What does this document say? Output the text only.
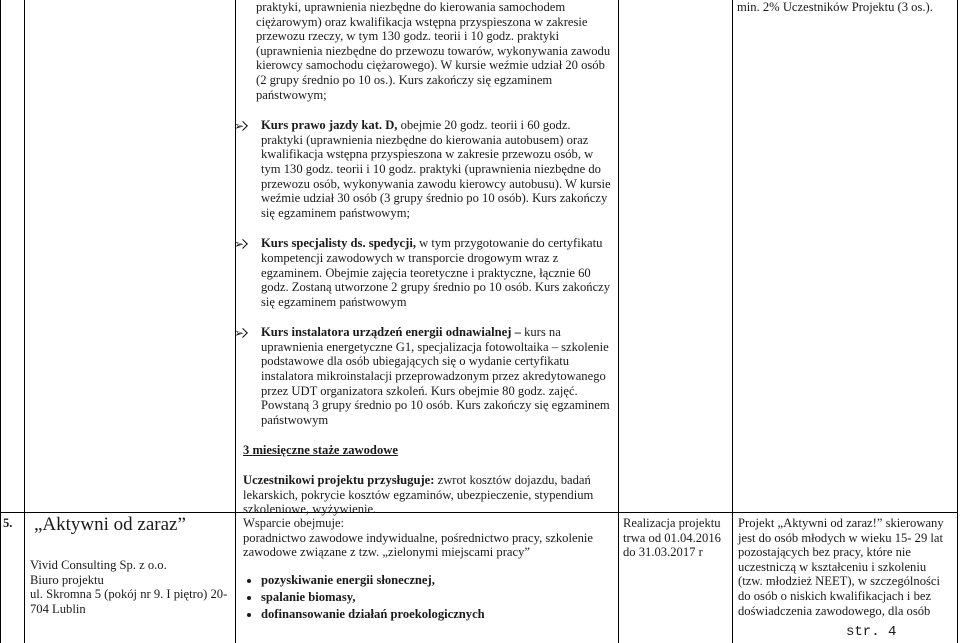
praktyki, uprawnienia niezbędne do kierowania samochodem ciężarowym) oraz kwalifikacja wstępna przyspieszona w zakresie przewozu rzeczy, w tym 130 godz. teorii i 10 godz. praktyki (uprawnienia niezbędne do przewozu towarów, wykonywania zawodu kierowcy samochodu ciężarowego). W kursie weźmie udział 20 osób (2 grupy średnio po 10 os.). Kurs zakończy się egzaminem państwowym;

➢ Kurs prawo jazdy kat. D, obejmie 20 godz. teorii i 60 godz. praktyki (uprawnienia niezbędne do kierowania autobusem) oraz kwalifikacja wstępna przyspieszona w zakresie przewozu osób, w tym 130 godz. teorii i 10 godz. praktyki (uprawnienia niezbędne do przewozu osób, wykonywania zawodu kierowcy autobusu). W kursie weźmie udział 30 osób (3 grupy średnio po 10 osób). Kurs zakończy się egzaminem państwowym;
➢ Kurs specjalisty ds. spedycji, w tym przygotowanie do certyfikatu kompetencji zawodowych w transporcie drogowym wraz z egzaminem. Obejmie zajęcia teoretyczne i praktyczne, łącznie 60 godz. Zostaną utworzone 2 grupy średnio po 10 osób. Kurs zakończy się egzaminem państwowym
➢ Kurs instalatora urządzeń energii odnawialnej – kurs na uprawnienia energetyczne G1, specjalizacja fotowoltaika – szkolenie podstawowe dla osób ubiegających się o wydanie certyfikatu instalatora mikroinstalacji przeprowadzonym przez akredytowanego przez UDT organizatora szkoleń. Kurs obejmie 80 godz. zajęć. Powstaną 3 grupy średnio po 10 osób. Kurs zakończy się egzaminem państwowym

3 miesięczne staże zawodowe

Uczestnikowi projektu przysługuje: zwrot kosztów dojazdu, badań lekarskich, pokrycie kosztów egzaminów, ubezpieczenie, stypendium szkoleniowe, wyżywienie.

min. 2% Uczestników Projektu (3 os.).

5. „Aktywni od zaraz”

Vivid Consulting Sp. z o.o.

Biuro projektu

ul. Skromna 5 (pokój nr 9. I piętro) 20-704 Lublin

Wsparcie obejmuje:

poradnictwo zawodowe indywidualne, pośrednictwo pracy, szkolenie zawodowe związane z tzw. „zielonymi miejscami pracy”

• pozyskiwanie energii słonecznej,
• spalanie biomasy,
• dofinansowanie działań proekologicznych

Realizacja projektu trwa od 01.04.2016 do 31.03.2017 r

Projekt „Aktywni od zaraz!” skierowany jest do osób młodych w wieku 15- 29 lat pozostających bez pracy, które nie uczestniczą w kształceniu i szkoleniu (tzw. młodzież NEET), w szczególności do osób o niskich kwalifikacjach i bez doświadczenia zawodowego, dla osób

str. 4
